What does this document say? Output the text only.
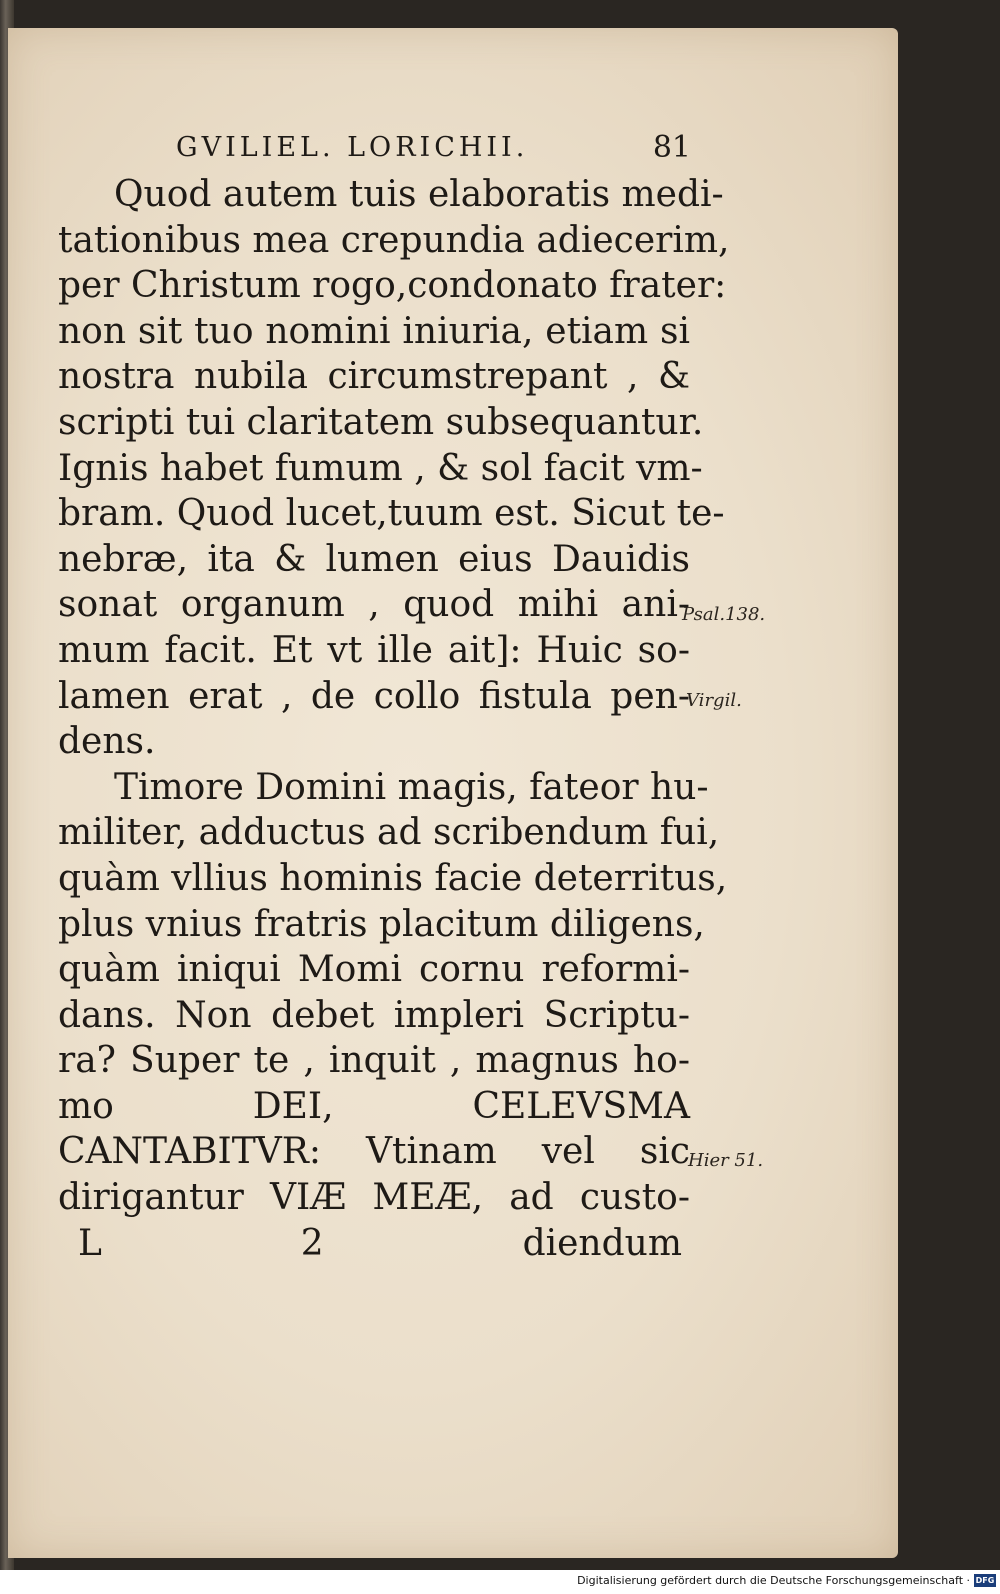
GVILIEL. LORICHII.	81
Quod autem tuis elaboratis medi-
tationibus mea crepundia adiecerim,
per Christum rogo,condonato frater:
non sit tuo nomini iniuria, etiam si
nostra nubila circumstrepant , &
scripti tui claritatem subsequantur.
Ignis habet fumum , & sol facit vm-
bram. Quod lucet,tuum est. Sicut te-
nebræ, ita & lumen eius Dauidis
sonat organum , quod mihi ani-
mum facit. Et vt ille ait]: Huic so-
lamen erat , de collo fistula pen-
dens.
Timore Domini magis, fateor hu-
militer, adductus ad scribendum fui,
quàm vllius hominis facie deterritus,
plus vnius fratris placitum diligens,
quàm iniqui Momi cornu reformi-
dans. Non debet impleri Scriptu-
ra? Super te , inquit , magnus ho-
mo DEI, CELEVSMA
CANTABITVR: Vtinam vel sic
dirigantur VIÆ MEÆ, ad custo-
L 2	diendum
Psal.138.
Virgil.
Hier 51.
Digitalisierung gefördert durch die Deutsche Forschungsgemeinschaft · DFG
